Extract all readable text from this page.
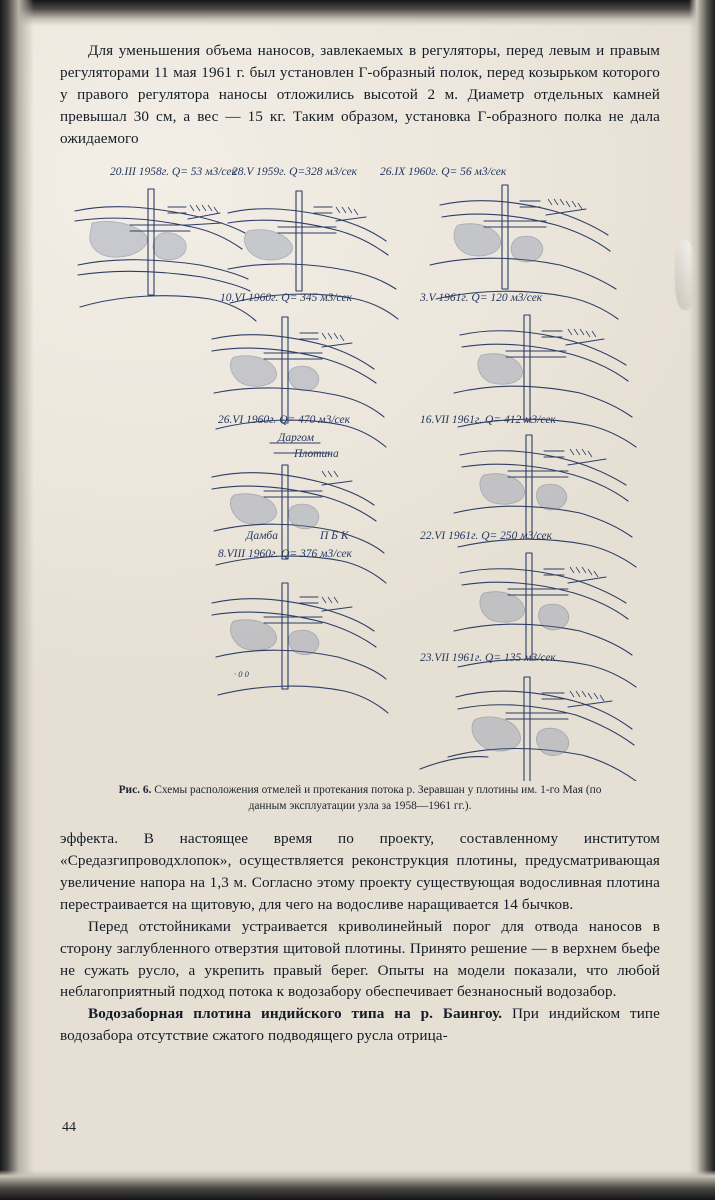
Для уменьшения объема наносов, завлекаемых в регуляторы, перед левым и правым регуляторами 11 мая 1961 г. был установлен Г-образный полок, перед козырьком которого у правого регулятора наносы отложились высотой 2 м. Диаметр отдельных камней превышал 30 см, а вес — 15 кг. Таким образом, установка Г-образного полка не дала ожидаемого

20.III 1958г. Q= 53 м3/сек
28.V 1959г. Q=328 м3/сек 26.IX 1960г. Q= 56 м3/сек
10.VI 1960г. Q= 345 м3/сек	3.V 1961г. Q= 120 м3/сек
26.VI 1960г. Q= 470 м3/сек
Даргом
Плотина
16.VII 1961г. Q= 412 м3/сек
Дамба	П Б К
8.VIII 1960г. Q= 376 м3/сек
· 0 0
22.VI 1961г. Q= 250 м3/сек
23.VII 1961г. Q= 135 м3/сек
Рис. 6. Схемы расположения отмелей и протекания потока р. Зеравшан у плотины им. 1-го Мая (по данным эксплуатации узла за 1958—1961 гг.).

эффекта. В настоящее время по проекту, составленному институтом «Средазгипроводхлопок», осуществляется реконструкция плотины, предусматривающая увеличение напора на 1,3 м. Согласно этому проекту существующая водосливная плотина перестраивается на щитовую, для чего на водосливе наращивается 14 бычков.

Перед отстойниками устраивается криволинейный порог для отвода наносов в сторону заглубленного отверзтия щитовой плотины. Принято решение — в верхнем бьефе не сужать русло, а укрепить правый берег. Опыты на модели показали, что любой неблагоприятный подход потока к водозабору обеспечивает безнаносный водозабор.

Водозаборная плотина индийского типа на р. Баингоу. При индийском типе водозабора отсутствие сжатого подводящего русла отрица-

44
